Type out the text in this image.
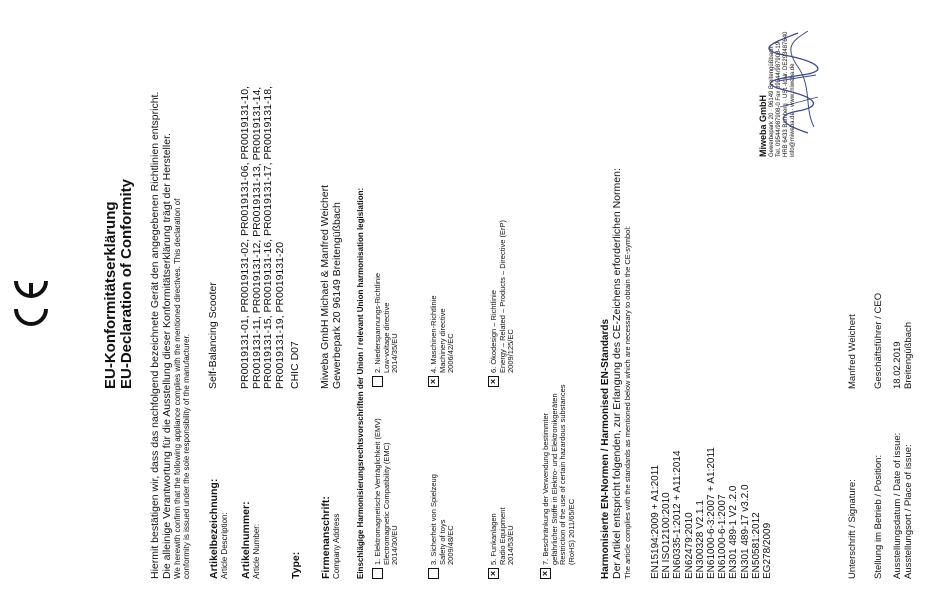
EU-Konformitätserklärung EU-Declaration of Conformity Hiermit bestätigen wir, dass das nachfolgend bezeichnete Gerät den angegebenen Richtlinien entspricht. Die alleinige Verantwortung für die Ausstellung dieser Konformitätserklärung trägt der Hersteller. We herewith confirm that the following appliance complies with the mentioned directives. This declaration of conformity is issued under the sole responsibility of the manufacturer. Artikelbezeichnung: Article Description:
Self-Balancing Scooter
Artikelnummer: Article Number:
PR0019131-01, PR0019131-02, PR0019131-06, PR0019131-10, PR0019131-11, PR0019131-12, PR0019131-13, PR0019131-14, PR0019131-15, PR0019131-16, PR0019131-17, PR0019131-18, PR0019131-19, PR0019131-20
Type:
CHIC D07
Firmenanschrift: Company Address
Miweba GmbH Michael & Manfred Weichert Gewerbepark 20 96149 Breitengüßbach Einschlägige Harmonisierungsrechtsvorschriften der Union / relevant Union harmonisation legislation: 1. Elektromagnetische Verträglichkeit (EMV) Electromagnetic Compatibility (EMC) 2014/30/EU
2. Niederspannungs-Richtlinie Low-voltage directive 2014/35/EU
3. Sicherheit von Spielzeug Safety of toys 2009/48/EC
×
4. Maschinen-Richtlinie Machinery directive 2006/42/EC
×
5. Funkanlagen Radio Equipment 2014/53/EU
×
6. Ökodesign – Richtlinie Energy – Related – Products – Directive (ErP) 2009/125/EC
×
7. Beschränkung der Verwendung bestimmter gefährlicher Stoffe in Elektro- und Elektronikgeräten Restriction of the use of certain hazardous substances (RoHS) 2011/65/EC Harmonisierte EN-Normen / Harmonised EN-Standards Der Artikel entspricht folgenden, zur Erlangung des CE-Zeichens erforderlichen Normen: The article complies with the standards as mentioned below which are necessary to obtain the CE-symbol: EN15194:2009 + A1:2011 EN ISO12100:2010 EN60335-1:2012 + A11:2014 EN62479:2010 EN300328 V2.1.1 EN61000-6-3:2007 + A1:2011 EN61000-6-1:2007 EN301 489-1 V2 .2.0 EN301 489-17 v3.2.0 EN50581:2012 EG278/2009	Unterschrift / Signature:
Manfred Weichert
Stellung im Betrieb / Position:
Geschäftsführer / CEO
Ausstellungsdatum / Date of issue:
18.02.2019
Ausstellungsort / Place of issue:
Breitengüßbach
Miweba GmbH Gewerbepark 20 · 96149 Breitengüßbach Tel. 09544/987908-0 Fax 09544/987908-19 HRB 6433 Bamberg · USt.-IdNr. DE293487640 info@miweba.de · www.miweba.de
